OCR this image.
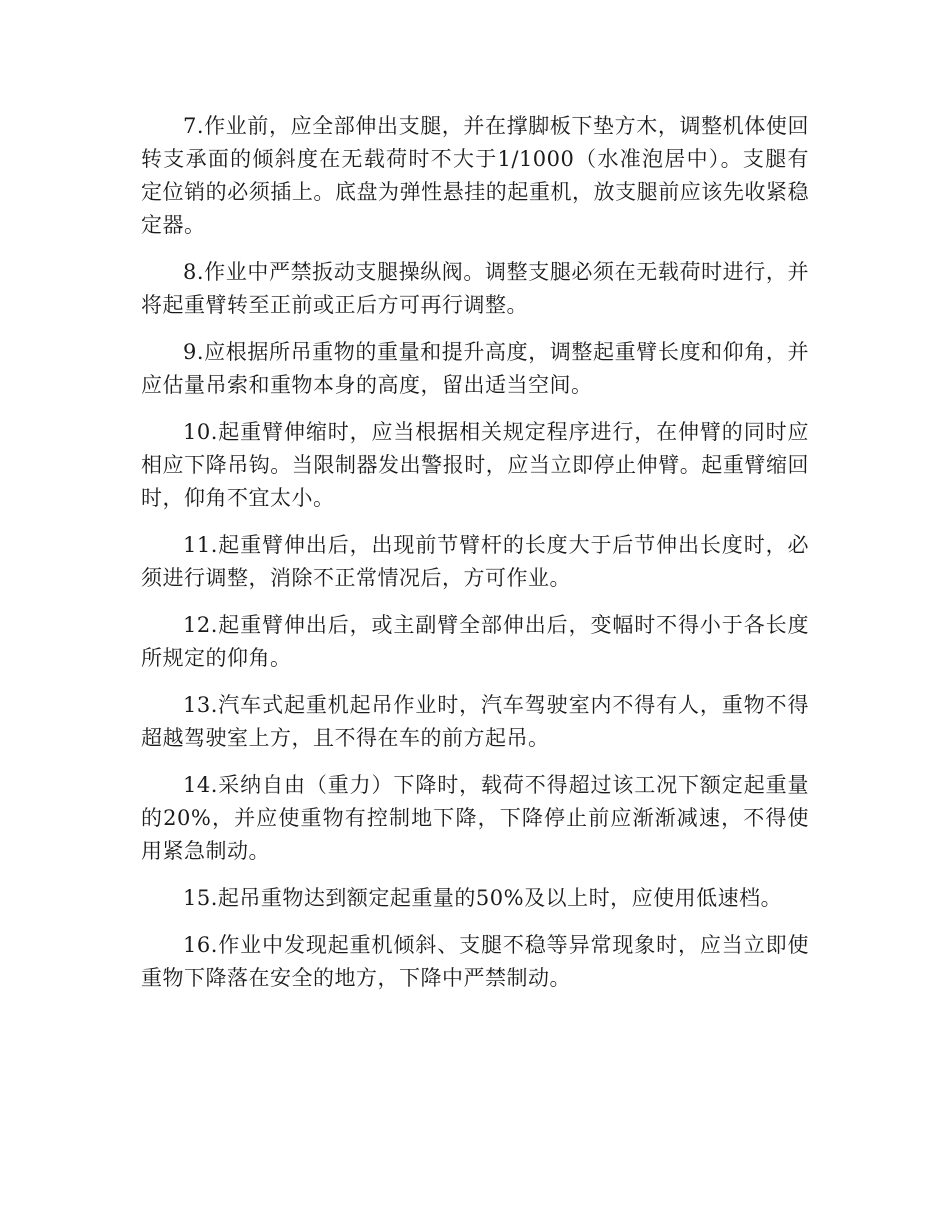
7.作业前，应全部伸出支腿，并在撑脚板下垫方木，调整机体使回转支承面的倾斜度在无载荷时不大于1/1000（水准泡居中）。支腿有定位销的必须插上。底盘为弹性悬挂的起重机，放支腿前应该先收紧稳定器。

8.作业中严禁扳动支腿操纵阀。调整支腿必须在无载荷时进行，并将起重臂转至正前或正后方可再行调整。

9.应根据所吊重物的重量和提升高度，调整起重臂长度和仰角，并应估量吊索和重物本身的高度，留出适当空间。

10.起重臂伸缩时，应当根据相关规定程序进行，在伸臂的同时应相应下降吊钩。当限制器发出警报时，应当立即停止伸臂。起重臂缩回时，仰角不宜太小。

11.起重臂伸出后，出现前节臂杆的长度大于后节伸出长度时，必须进行调整，消除不正常情况后，方可作业。

12.起重臂伸出后，或主副臂全部伸出后，变幅时不得小于各长度所规定的仰角。

13.汽车式起重机起吊作业时，汽车驾驶室内不得有人，重物不得超越驾驶室上方，且不得在车的前方起吊。

14.采纳自由（重力）下降时，载荷不得超过该工况下额定起重量的20%，并应使重物有控制地下降，下降停止前应渐渐减速，不得使用紧急制动。

15.起吊重物达到额定起重量的50%及以上时，应使用低速档。

16.作业中发现起重机倾斜、支腿不稳等异常现象时，应当立即使重物下降落在安全的地方，下降中严禁制动。
